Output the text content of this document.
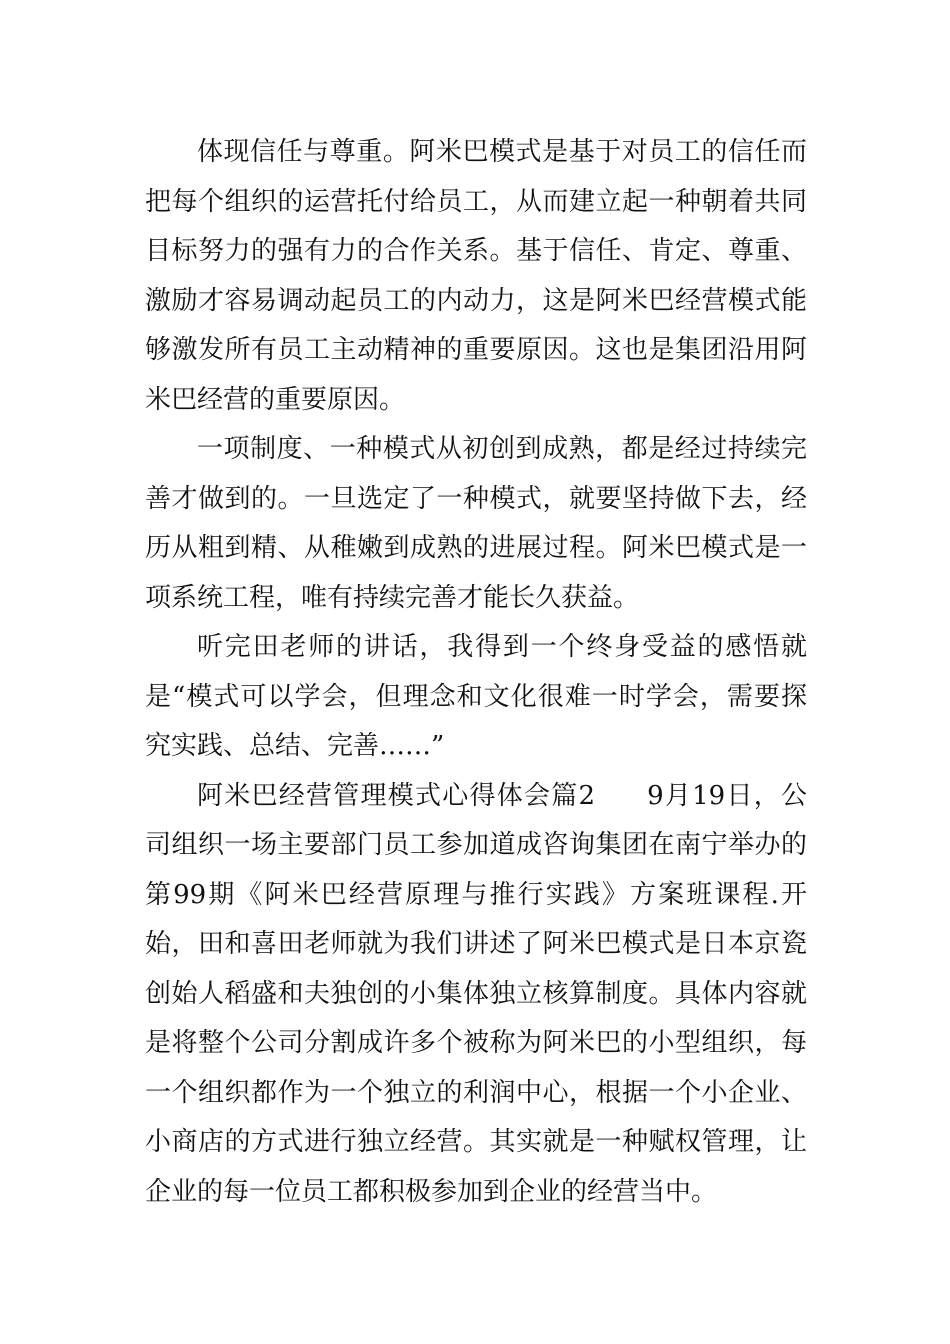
体现信任与尊重。阿米巴模式是基于对员工的信任而把每个组织的运营托付给员工，从而建立起一种朝着共同目标努力的强有力的合作关系。基于信任、肯定、尊重、激励才容易调动起员工的内动力，这是阿米巴经营模式能够激发所有员工主动精神的重要原因。这也是集团沿用阿米巴经营的重要原因。

一项制度、一种模式从初创到成熟，都是经过持续完善才做到的。一旦选定了一种模式，就要坚持做下去，经历从粗到精、从稚嫩到成熟的进展过程。阿米巴模式是一项系统工程，唯有持续完善才能长久获益。

听完田老师的讲话，我得到一个终身受益的感悟就是“模式可以学会，但理念和文化很难一时学会，需要探究实践、总结、完善……”

阿米巴经营管理模式心得体会篇2 9月19日，公司组织一场主要部门员工参加道成咨询集团在南宁举办的第99期《阿米巴经营原理与推行实践》方案班课程.开始，田和喜田老师就为我们讲述了阿米巴模式是日本京瓷创始人稻盛和夫独创的小集体独立核算制度。具体内容就是将整个公司分割成许多个被称为阿米巴的小型组织，每一个组织都作为一个独立的利润中心，根据一个小企业、小商店的方式进行独立经营。其实就是一种赋权管理，让企业的每一位员工都积极参加到企业的经营当中。
